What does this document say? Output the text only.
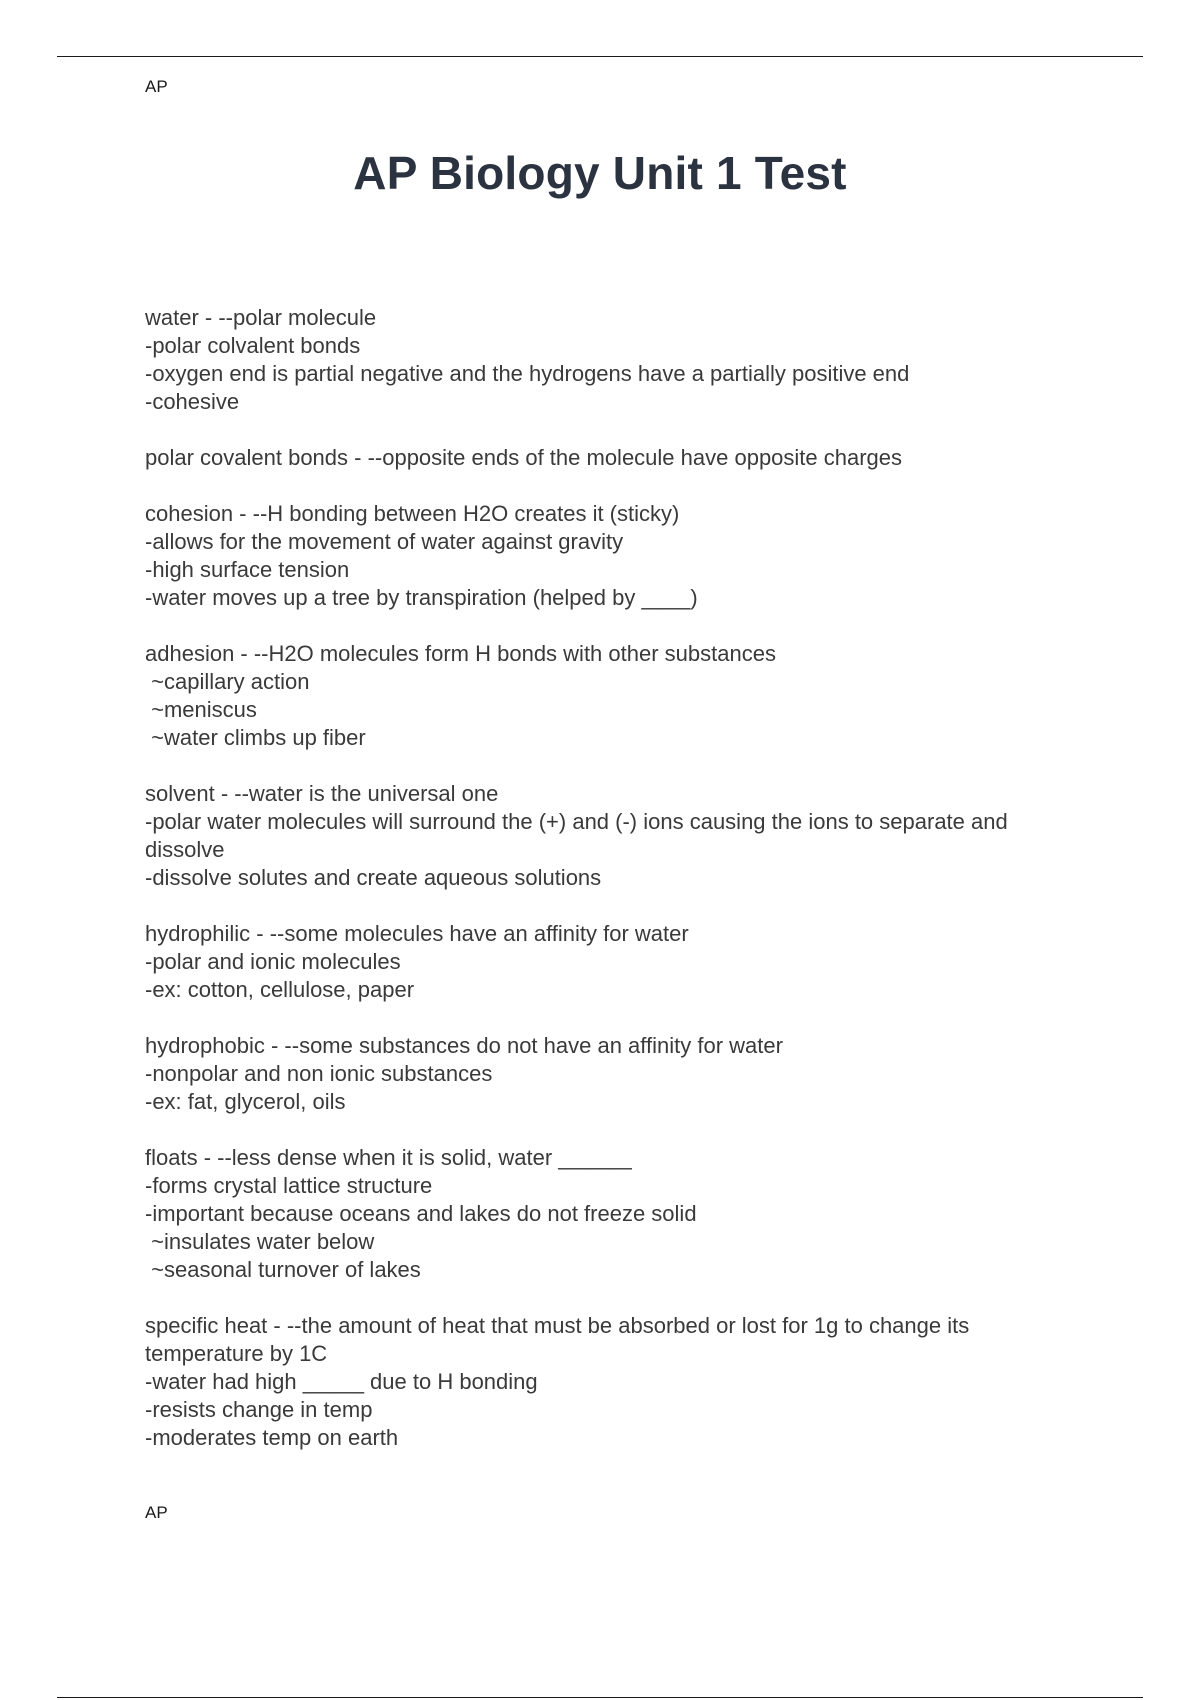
AP
AP Biology Unit 1 Test
water - --polar molecule
-polar colvalent bonds
-oxygen end is partial negative and the hydrogens have a partially positive end
-cohesive
polar covalent bonds - --opposite ends of the molecule have opposite charges
cohesion - --H bonding between H2O creates it (sticky)
-allows for the movement of water against gravity
-high surface tension
-water moves up a tree by transpiration (helped by ____)
adhesion - --H2O molecules form H bonds with other substances
~capillary action
~meniscus
~water climbs up fiber
solvent - --water is the universal one
-polar water molecules will surround the (+) and (-) ions causing the ions to separate and dissolve
-dissolve solutes and create aqueous solutions
hydrophilic - --some molecules have an affinity for water
-polar and ionic molecules
-ex: cotton, cellulose, paper
hydrophobic - --some substances do not have an affinity for water
-nonpolar and non ionic substances
-ex: fat, glycerol, oils
floats - --less dense when it is solid, water ______
-forms crystal lattice structure
-important because oceans and lakes do not freeze solid
~insulates water below
~seasonal turnover of lakes
specific heat - --the amount of heat that must be absorbed or lost for 1g to change its temperature by 1C
-water had high _____ due to H bonding
-resists change in temp
-moderates temp on earth
AP
